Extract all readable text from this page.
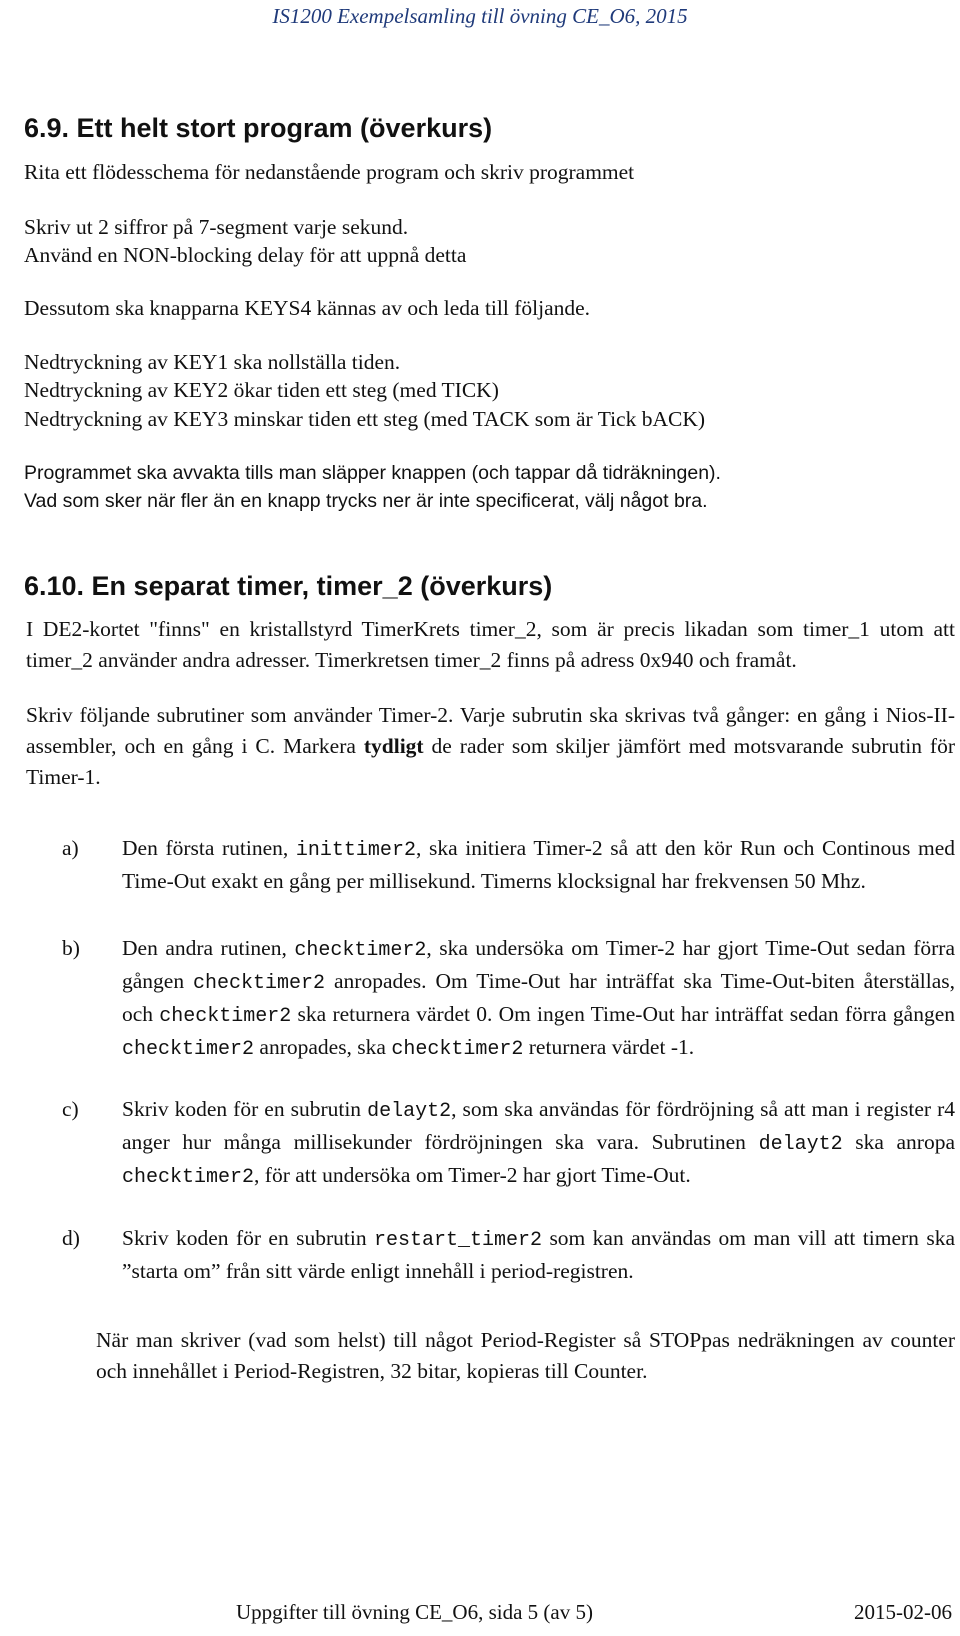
IS1200 Exempelsamling till övning CE_O6, 2015
6.9. Ett helt stort program (överkurs)
Rita ett flödesschema för nedanstående program och skriv programmet
Skriv ut 2 siffror på 7-segment varje sekund.
Använd en NON-blocking delay för att uppnå detta
Dessutom ska knapparna KEYS4 kännas av och leda till följande.
Nedtryckning av KEY1 ska nollställa tiden.
Nedtryckning av KEY2 ökar tiden ett steg (med TICK)
Nedtryckning av KEY3 minskar tiden ett steg (med TACK som är Tick bACK)
Programmet ska avvakta tills man släpper knappen (och tappar då tidräkningen).
Vad som sker när fler än en knapp trycks ner är inte specificerat, välj något bra.
6.10. En separat timer, timer_2 (överkurs)
I DE2-kortet "finns" en kristallstyrd TimerKrets timer_2, som är precis likadan som timer_1 utom att timer_2 använder andra adresser. Timerkretsen timer_2 finns på adress 0x940 och framåt.
Skriv följande subrutiner som använder Timer-2. Varje subrutin ska skrivas två gånger: en gång i Nios-II-assembler, och en gång i C. Markera tydligt de rader som skiljer jämfört med motsvarande subrutin för Timer-1.
a) Den första rutinen, inittimer2, ska initiera Timer-2 så att den kör Run och Continous med Time-Out exakt en gång per millisekund. Timerns klocksignal har frekvensen 50 Mhz.
b) Den andra rutinen, checktimer2, ska undersöka om Timer-2 har gjort Time-Out sedan förra gången checktimer2 anropades. Om Time-Out har inträffat ska Time-Out-biten återställas, och checktimer2 ska returnera värdet 0. Om ingen Time-Out har inträffat sedan förra gången checktimer2 anropades, ska checktimer2 returnera värdet -1.
c) Skriv koden för en subrutin delayt2, som ska användas för fördröjning så att man i register r4 anger hur många millisekunder fördröjningen ska vara. Subrutinen delayt2 ska anropa checktimer2, för att undersöka om Timer-2 har gjort Time-Out.
d) Skriv koden för en subrutin restart_timer2 som kan användas om man vill att timern ska ”starta om” från sitt värde enligt innehåll i period-registren.
När man skriver (vad som helst) till något Period-Register så STOPpas nedräkningen av counter och innehållet i Period-Registren, 32 bitar, kopieras till Counter.
Uppgifter till övning CE_O6, sida 5 (av 5)	2015-02-06
